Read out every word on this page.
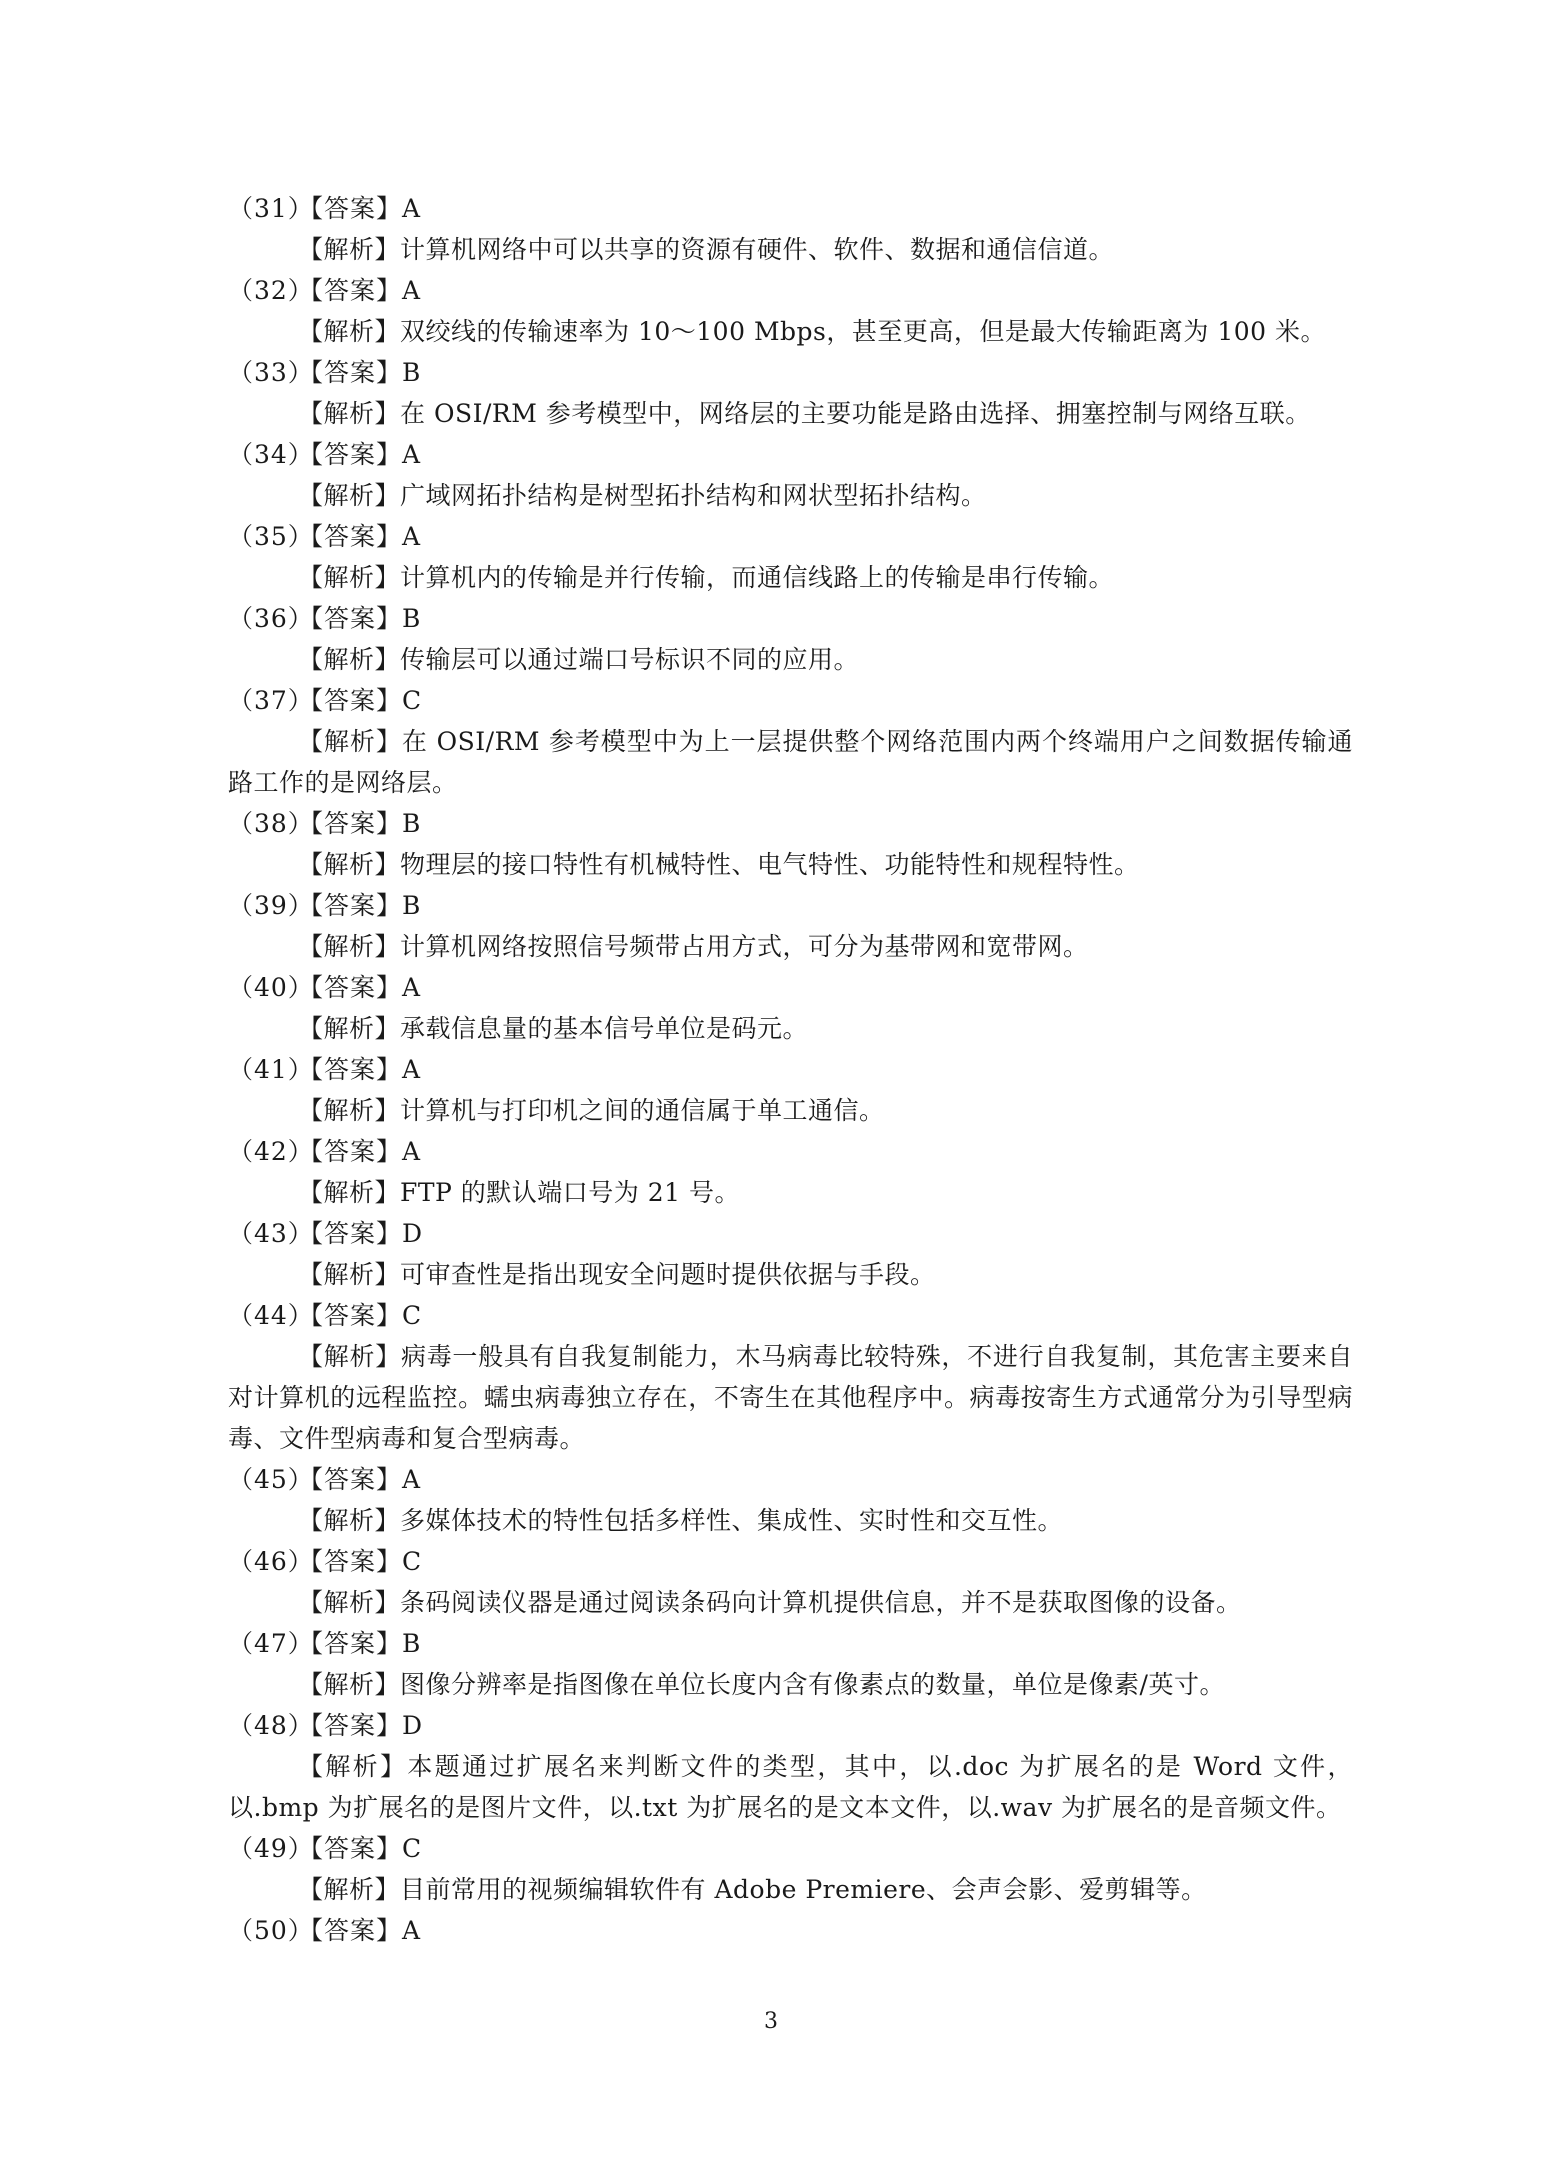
（31）【答案】A

【解析】计算机网络中可以共享的资源有硬件、软件、数据和通信信道。

（32）【答案】A

【解析】双绞线的传输速率为 10～100 Mbps，甚至更高，但是最大传输距离为 100 米。

（33）【答案】B

【解析】在 OSI/RM 参考模型中，网络层的主要功能是路由选择、拥塞控制与网络互联。

（34）【答案】A

【解析】广域网拓扑结构是树型拓扑结构和网状型拓扑结构。

（35）【答案】A

【解析】计算机内的传输是并行传输，而通信线路上的传输是串行传输。

（36）【答案】B

【解析】传输层可以通过端口号标识不同的应用。

（37）【答案】C

【解析】在 OSI/RM 参考模型中为上一层提供整个网络范围内两个终端用户之间数据传输通路工作的是网络层。

（38）【答案】B

【解析】物理层的接口特性有机械特性、电气特性、功能特性和规程特性。

（39）【答案】B

【解析】计算机网络按照信号频带占用方式，可分为基带网和宽带网。

（40）【答案】A

【解析】承载信息量的基本信号单位是码元。

（41）【答案】A

【解析】计算机与打印机之间的通信属于单工通信。

（42）【答案】A

【解析】FTP 的默认端口号为 21 号。

（43）【答案】D

【解析】可审查性是指出现安全问题时提供依据与手段。

（44）【答案】C

【解析】病毒一般具有自我复制能力，木马病毒比较特殊，不进行自我复制，其危害主要来自对计算机的远程监控。蠕虫病毒独立存在，不寄生在其他程序中。病毒按寄生方式通常分为引导型病毒、文件型病毒和复合型病毒。

（45）【答案】A

【解析】多媒体技术的特性包括多样性、集成性、实时性和交互性。

（46）【答案】C

【解析】条码阅读仪器是通过阅读条码向计算机提供信息，并不是获取图像的设备。

（47）【答案】B

【解析】图像分辨率是指图像在单位长度内含有像素点的数量，单位是像素/英寸。

（48）【答案】D

【解析】本题通过扩展名来判断文件的类型，其中，以.doc 为扩展名的是 Word 文件，以.bmp 为扩展名的是图片文件，以.txt 为扩展名的是文本文件，以.wav 为扩展名的是音频文件。

（49）【答案】C

【解析】目前常用的视频编辑软件有 Adobe Premiere、会声会影、爱剪辑等。

（50）【答案】A
3
